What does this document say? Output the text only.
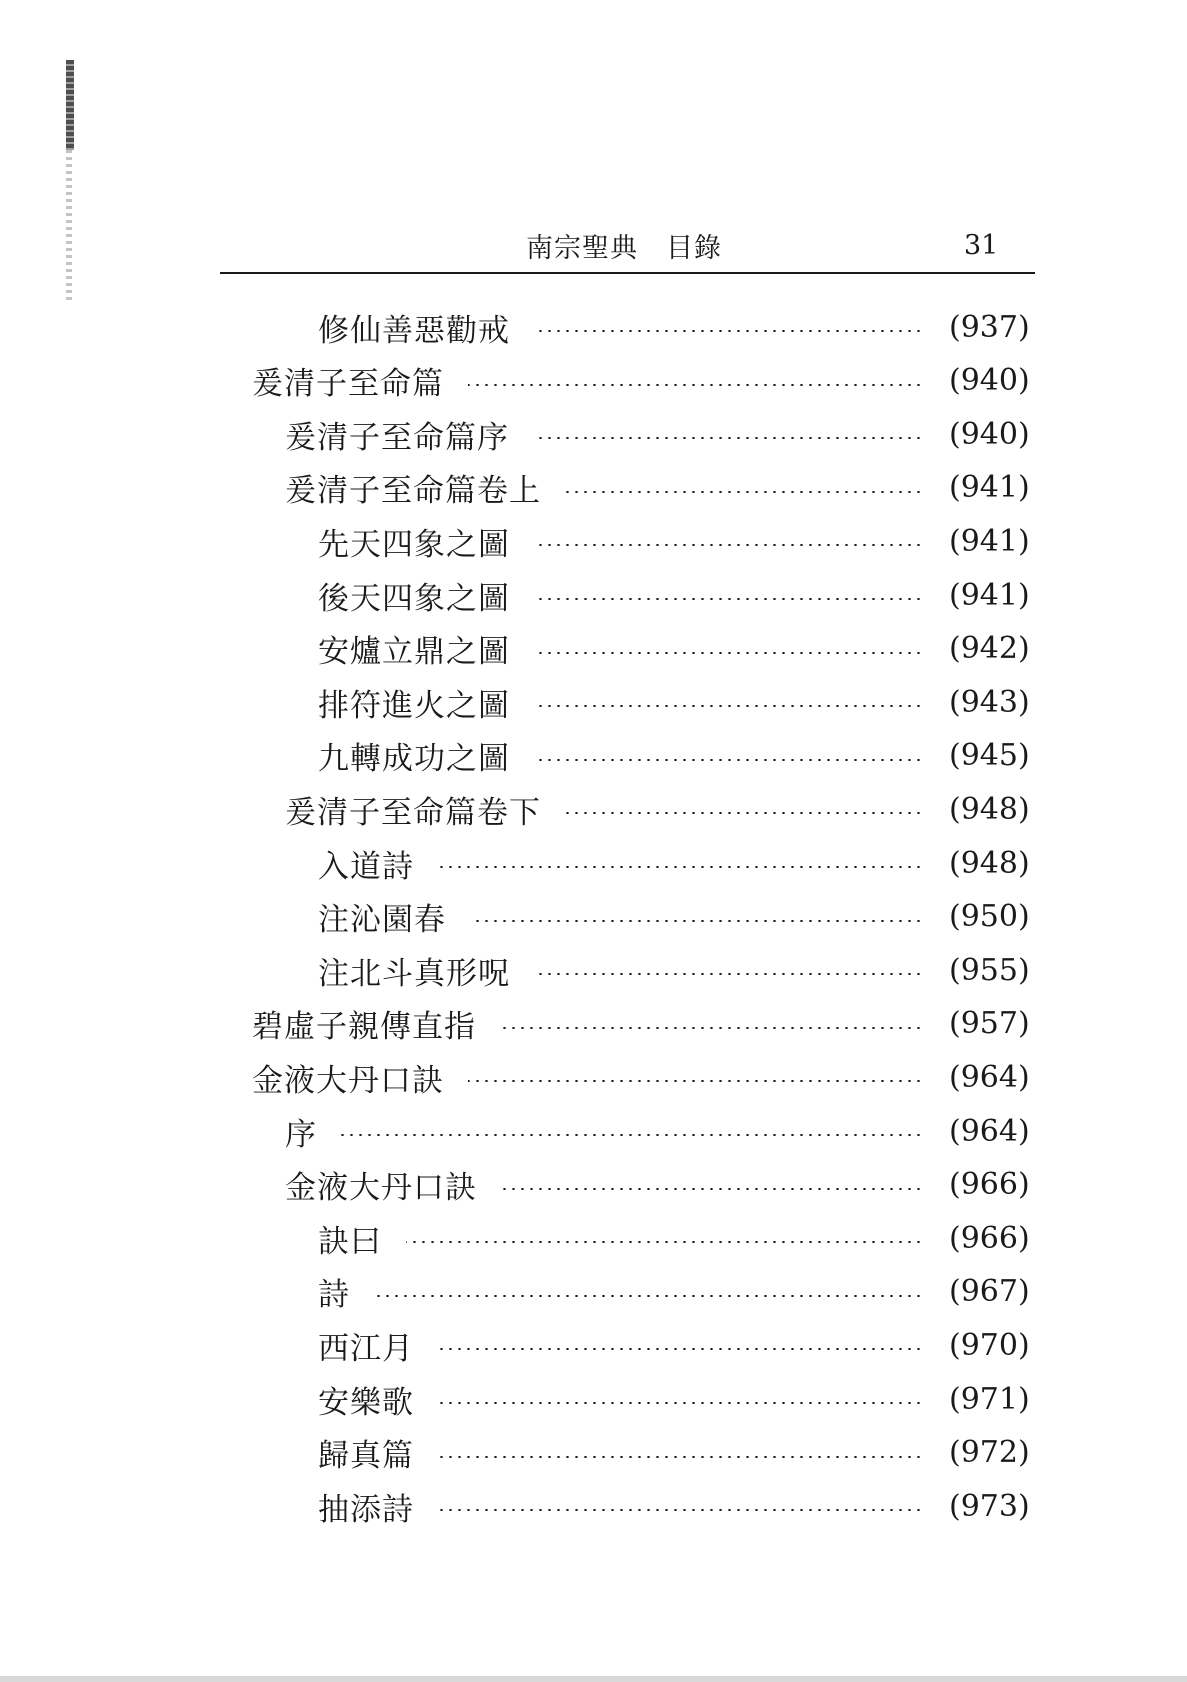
南宗聖典　目錄	31
修仙善惡勸戒	(937)
爰清子至命篇	(940)
爰清子至命篇序	(940)
爰清子至命篇卷上	(941)
先天四象之圖	(941)
後天四象之圖	(941)
安爐立鼎之圖	(942)
排符進火之圖	(943)
九轉成功之圖	(945)
爰清子至命篇卷下	(948)
入道詩	(948)
注沁園春	(950)
注北斗真形呪	(955)
碧虛子親傳直指	(957)
金液大丹口訣	(964)
序	(964)
金液大丹口訣	(966)
訣曰	(966)
詩	(967)
西江月	(970)
安樂歌	(971)
歸真篇	(972)
抽添詩	(973)
